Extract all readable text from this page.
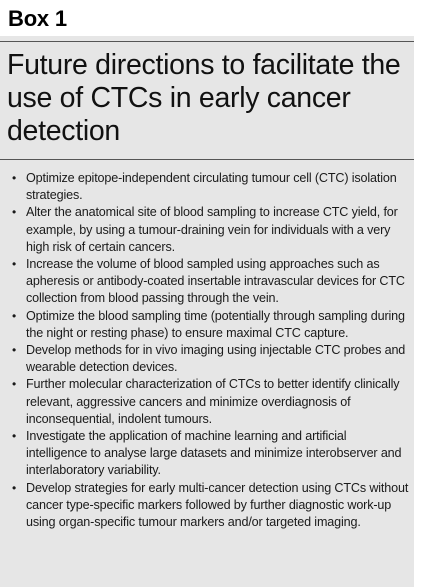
Box 1
Future directions to facilitate the use of CTCs in early cancer detection
• Optimize epitope-independent circulating tumour cell (CTC) isolation strategies.
• Alter the anatomical site of blood sampling to increase CTC yield, for example, by using a tumour-draining vein for individuals with a very high risk of certain cancers.
• Increase the volume of blood sampled using approaches such as apheresis or antibody-coated insertable intravascular devices for CTC collection from blood passing through the vein.
• Optimize the blood sampling time (potentially through sampling during the night or resting phase) to ensure maximal CTC capture.
• Develop methods for in vivo imaging using injectable CTC probes and wearable detection devices.
• Further molecular characterization of CTCs to better identify clinically relevant, aggressive cancers and minimize overdiagnosis of inconsequential, indolent tumours.
• Investigate the application of machine learning and artificial intelligence to analyse large datasets and minimize interobserver and interlaboratory variability.
• Develop strategies for early multi-cancer detection using CTCs without cancer type-specific markers followed by further diagnostic work-up using organ-specific tumour markers and/or targeted imaging.
